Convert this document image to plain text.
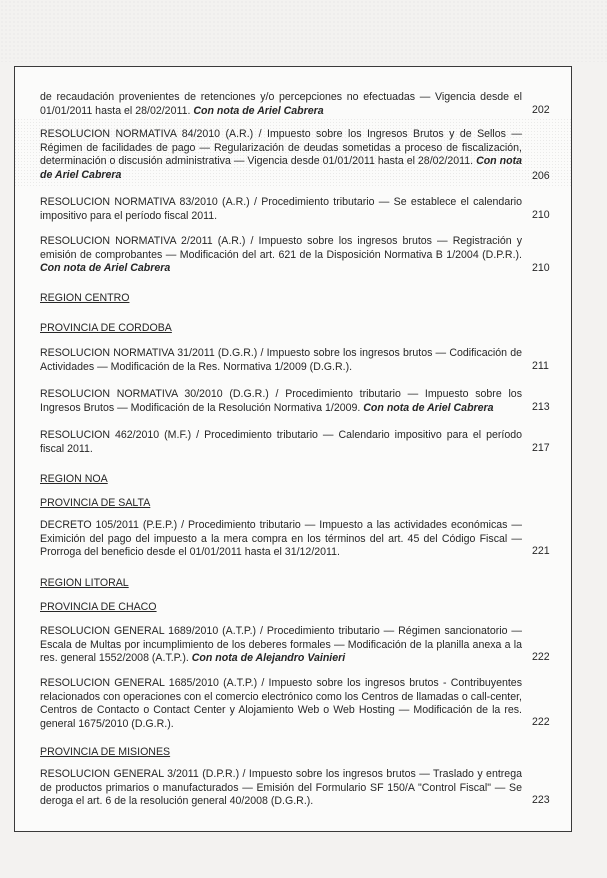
de recaudación provenientes de retenciones y/o percepciones no efectuadas — Vigencia desde el 01/01/2011 hasta el 28/02/2011. Con nota de Ariel Cabrera	202
RESOLUCION NORMATIVA 84/2010 (A.R.) / Impuesto sobre los Ingresos Brutos y de Sellos — Régimen de facilidades de pago — Regularización de deudas sometidas a proceso de fiscalización, determinación o discusión administrativa — Vigencia desde 01/01/2011 hasta el 28/02/2011. Con nota de Ariel Cabrera	206
RESOLUCION NORMATIVA 83/2010 (A.R.) / Procedimiento tributario — Se establece el calendario impositivo para el período fiscal 2011.	210
RESOLUCION NORMATIVA 2/2011 (A.R.) / Impuesto sobre los ingresos brutos — Registración y emisión de comprobantes — Modificación del art. 621 de la Disposición Normativa B 1/2004 (D.P.R.). Con nota de Ariel Cabrera	210
REGION CENTRO
PROVINCIA DE CORDOBA
RESOLUCION NORMATIVA 31/2011 (D.G.R.) / Impuesto sobre los ingresos brutos — Codificación de Actividades — Modificación de la Res. Normativa 1/2009 (D.G.R.).	211
RESOLUCION NORMATIVA 30/2010 (D.G.R.) / Procedimiento tributario — Impuesto sobre los Ingresos Brutos — Modificación de la Resolución Normativa 1/2009. Con nota de Ariel Cabrera	213
RESOLUCION 462/2010 (M.F.) / Procedimiento tributario — Calendario impositivo para el período fiscal 2011.	217
REGION NOA
PROVINCIA DE SALTA
DECRETO 105/2011 (P.E.P.) / Procedimiento tributario — Impuesto a las actividades económicas — Eximición del pago del impuesto a la mera compra en los términos del art. 45 del Código Fiscal — Prorroga del beneficio desde el 01/01/2011 hasta el 31/12/2011.	221
REGION LITORAL
PROVINCIA DE CHACO
RESOLUCION GENERAL 1689/2010 (A.T.P.) / Procedimiento tributario — Régimen sancionatorio — Escala de Multas por incumplimiento de los deberes formales — Modificación de la planilla anexa a la res. general 1552/2008 (A.T.P.). Con nota de Alejandro Vainieri	222
RESOLUCION GENERAL 1685/2010 (A.T.P.) / Impuesto sobre los ingresos brutos - Contribuyentes relacionados con operaciones con el comercio electrónico como los Centros de llamadas o call-center, Centros de Contacto o Contact Center y Alojamiento Web o Web Hosting — Modificación de la res. general 1675/2010 (D.G.R.).	222
PROVINCIA DE MISIONES
RESOLUCION GENERAL 3/2011 (D.P.R.) / Impuesto sobre los ingresos brutos — Traslado y entrega de productos primarios o manufacturados — Emisión del Formulario SF 150/A "Control Fiscal" — Se deroga el art. 6 de la resolución general 40/2008 (D.G.R.).	223
